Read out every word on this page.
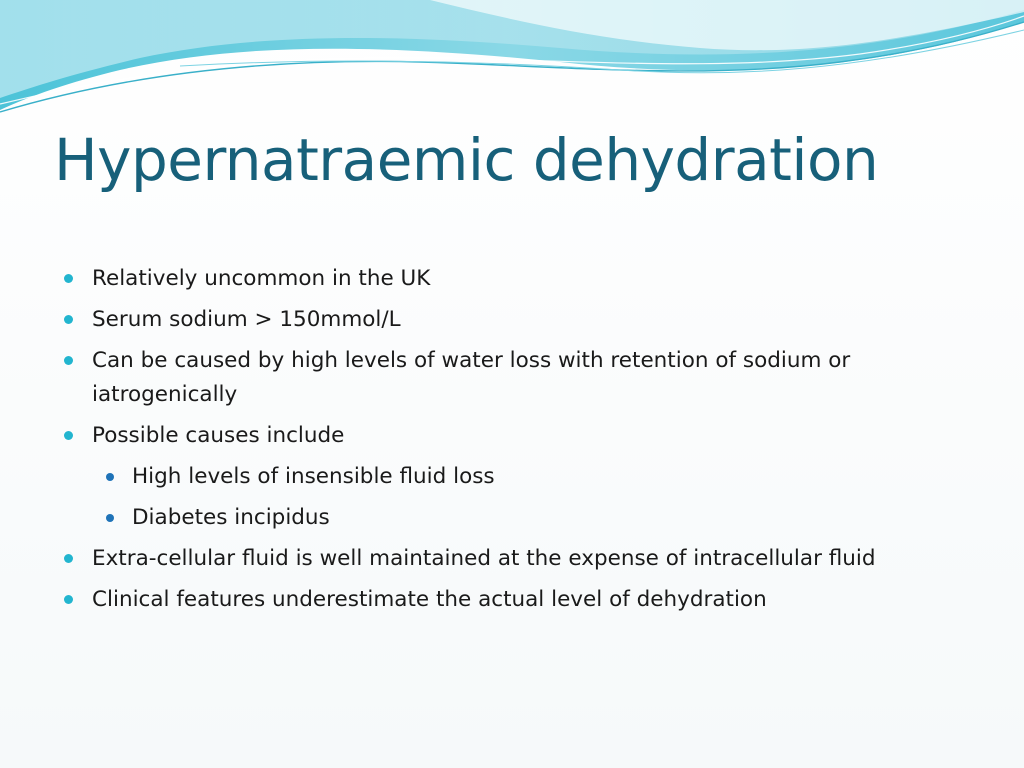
Hypernatraemic dehydration
Relatively uncommon in the UK
Serum sodium > 150mmol/L
Can be caused by high levels of water loss with retention of sodium or iatrogenically
Possible causes include
High levels of insensible fluid loss
Diabetes incipidus
Extra-cellular fluid is well maintained at the expense of intracellular fluid
Clinical features underestimate the actual level of dehydration
